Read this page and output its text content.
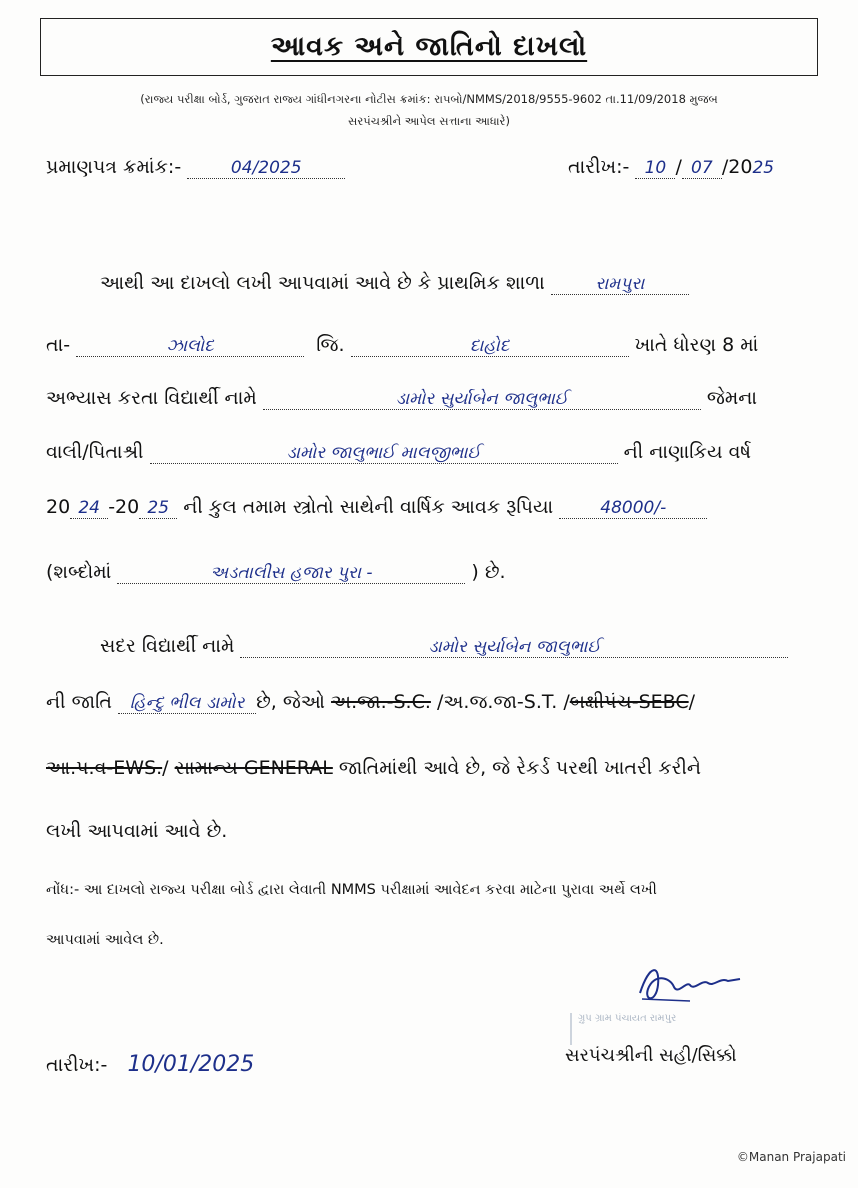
આવક અને જાતિનો દાખલો
(રાજ્ય પરીક્ષા બોર્ડ, ગુજરાત રાજ્ય ગાંધીનગરના નોટીસ ક્રમાંક: રાપબો/NMMS/2018/9555-9602 તા.11/09/2018 મુજબ
સરપંચશ્રીને આપેલ સત્તાના આધારે)
પ્રમાણપત્ર ક્રમાંક:-	04/2025	તારીખ:- 10 / 07 /2025
આથી આ દાખલો લખી આપવામાં આવે છે કે પ્રાથમિક શાળા	રામપુરા
તા-	ઝાલોદ	જિ.	દાહોદ	ખાતે ધોરણ 8 માં
અભ્યાસ કરતા વિદ્યાર્થી નામે	ડામોર સુર્યાબેન જાલુભાઈ	જેમના
વાલી/પિતાશ્રી	ડામોર જાલુભાઈ માલજીભાઈ	ની નાણાકિય વર્ષ
20 24 -20 25 ની કુલ તમામ સ્ત્રોતો સાથેની વાર્ષિક આવક રૂપિયા	48000/-
(શબ્દોમાં	અડતાલીસ હજાર પુરા -	) છે.
સદર વિદ્યાર્થી નામે	ડામોર સુર્યાબેન જાલુભાઈ
ની જાતિ હિન્દુ ભીલ ડામોર છે, જેઓ અ.જા.-S.C. /અ.જ.જા-S.T. /બક્ષીપંચ-SEBC/
આ.પ.વ-EWS./ સામાન્ય GENERAL જાતિમાંથી આવે છે, જે રેકર્ડ પરથી ખાતરી કરીને
લખી આપવામાં આવે છે.
નોંધ:- આ દાખલો રાજ્ય પરીક્ષા બોર્ડ દ્વારા લેવાતી NMMS પરીક્ષામાં આવેદન કરવા માટેના પુરાવા અર્થે લખી
આપવામાં આવેલ છે.
તારીખ:- 10/01/2025
ગ્રુપ ગ્રામ પંચાયત રામપુર
સરપંચશ્રીની સહી/સિક્કો
©Manan Prajapati
